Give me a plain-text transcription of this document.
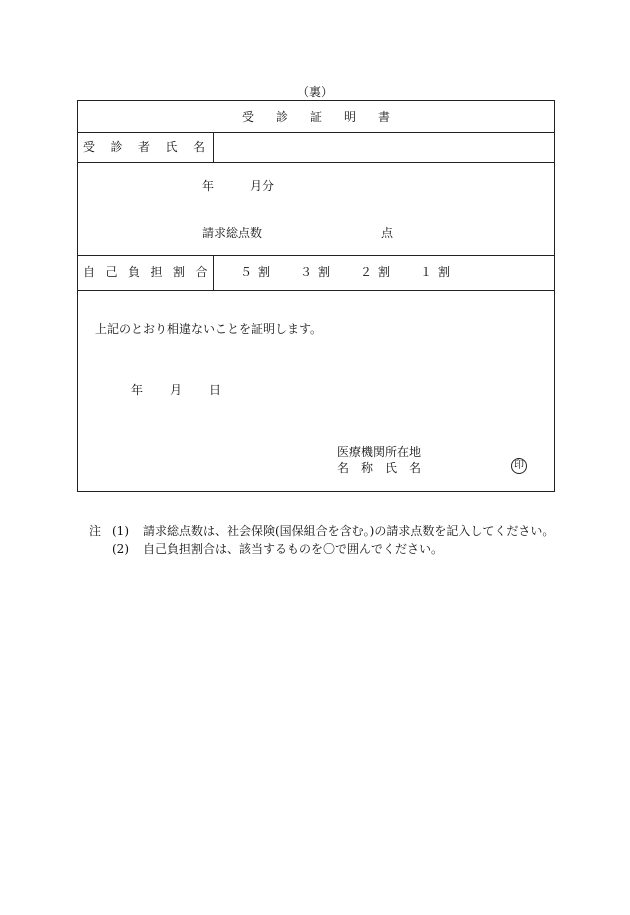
（裏）
受診証明書
受診者氏名
年　　　月分
請求総点数	点
自己負担割合 ５割 ３割 ２割 １割
上記のとおり相違ないことを証明します。
年 月 日
医療機関所在地
名称氏名	印
注 (1) 請求総点数は、社会保険(国保組合を含む。)の請求点数を記入してください。
(2) 自己負担割合は、該当するものを〇で囲んでください。
